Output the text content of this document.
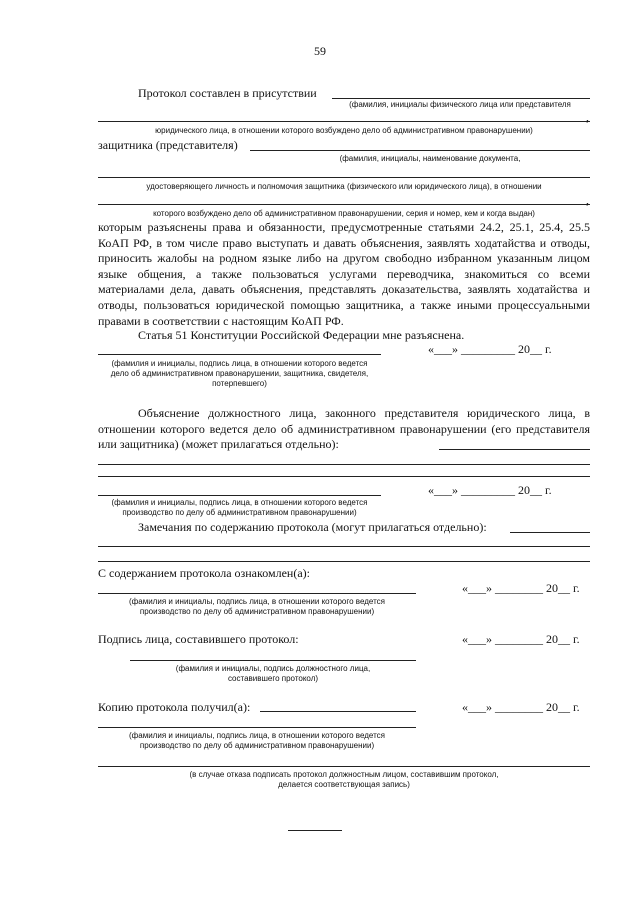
59
Протокол составлен в присутствии
(фамилия, инициалы физического лица или представителя
,
юридического лица, в отношении которого возбуждено дело об административном правонарушении)
защитника (представителя)
(фамилия, инициалы, наименование документа,
удостоверяющего личность и полномочия защитника (физического или юридического лица), в отношении
,
которого возбуждено дело об административном правонарушении, серия и номер, кем и когда выдан)
которым разъяснены права и обязанности, предусмотренные статьями 24.2, 25.1, 25.4, 25.5 КоАП РФ, в том числе право выступать и давать объяснения, заявлять ходатайства и отводы, приносить жалобы на родном языке либо на другом свободно избранном указанным лицом языке общения, а также пользоваться услугами переводчика, знакомиться со всеми материалами дела, давать объяснения, представлять доказательства, заявлять ходатайства и отводы, пользоваться юридической помощью защитника, а также иными процессуальными правами в соответствии с настоящим КоАП РФ.
Статья 51 Конституции Российской Федерации мне разъяснена.
«___» _________ 20__ г.
(фамилия и инициалы, подпись лица, в отношении которого ведется
дело об административном правонарушении, защитника, свидетеля,
потерпевшего)
Объяснение должностного лица, законного представителя юридического лица, в отношении которого ведется дело об административном правонарушении (его представителя или защитника) (может прилагаться отдельно):
«___» _________ 20__ г.
(фамилия и инициалы, подпись лица, в отношении которого ведется
производство по делу об административном правонарушении)
Замечания по содержанию протокола (могут прилагаться отдельно):
С содержанием протокола ознакомлен(а):
«___» ________ 20__ г.
(фамилия и инициалы, подпись лица, в отношении которого ведется
производство по делу об административном правонарушении)
Подпись лица, составившего протокол:	«___» ________ 20__ г.
(фамилия и инициалы, подпись должностного лица,
составившего протокол)
Копию протокола получил(а):	«___» ________ 20__ г.
(фамилия и инициалы, подпись лица, в отношении которого ведется
производство по делу об административном правонарушении)
(в случае отказа подписать протокол должностным лицом, составившим протокол,
делается соответствующая запись)
